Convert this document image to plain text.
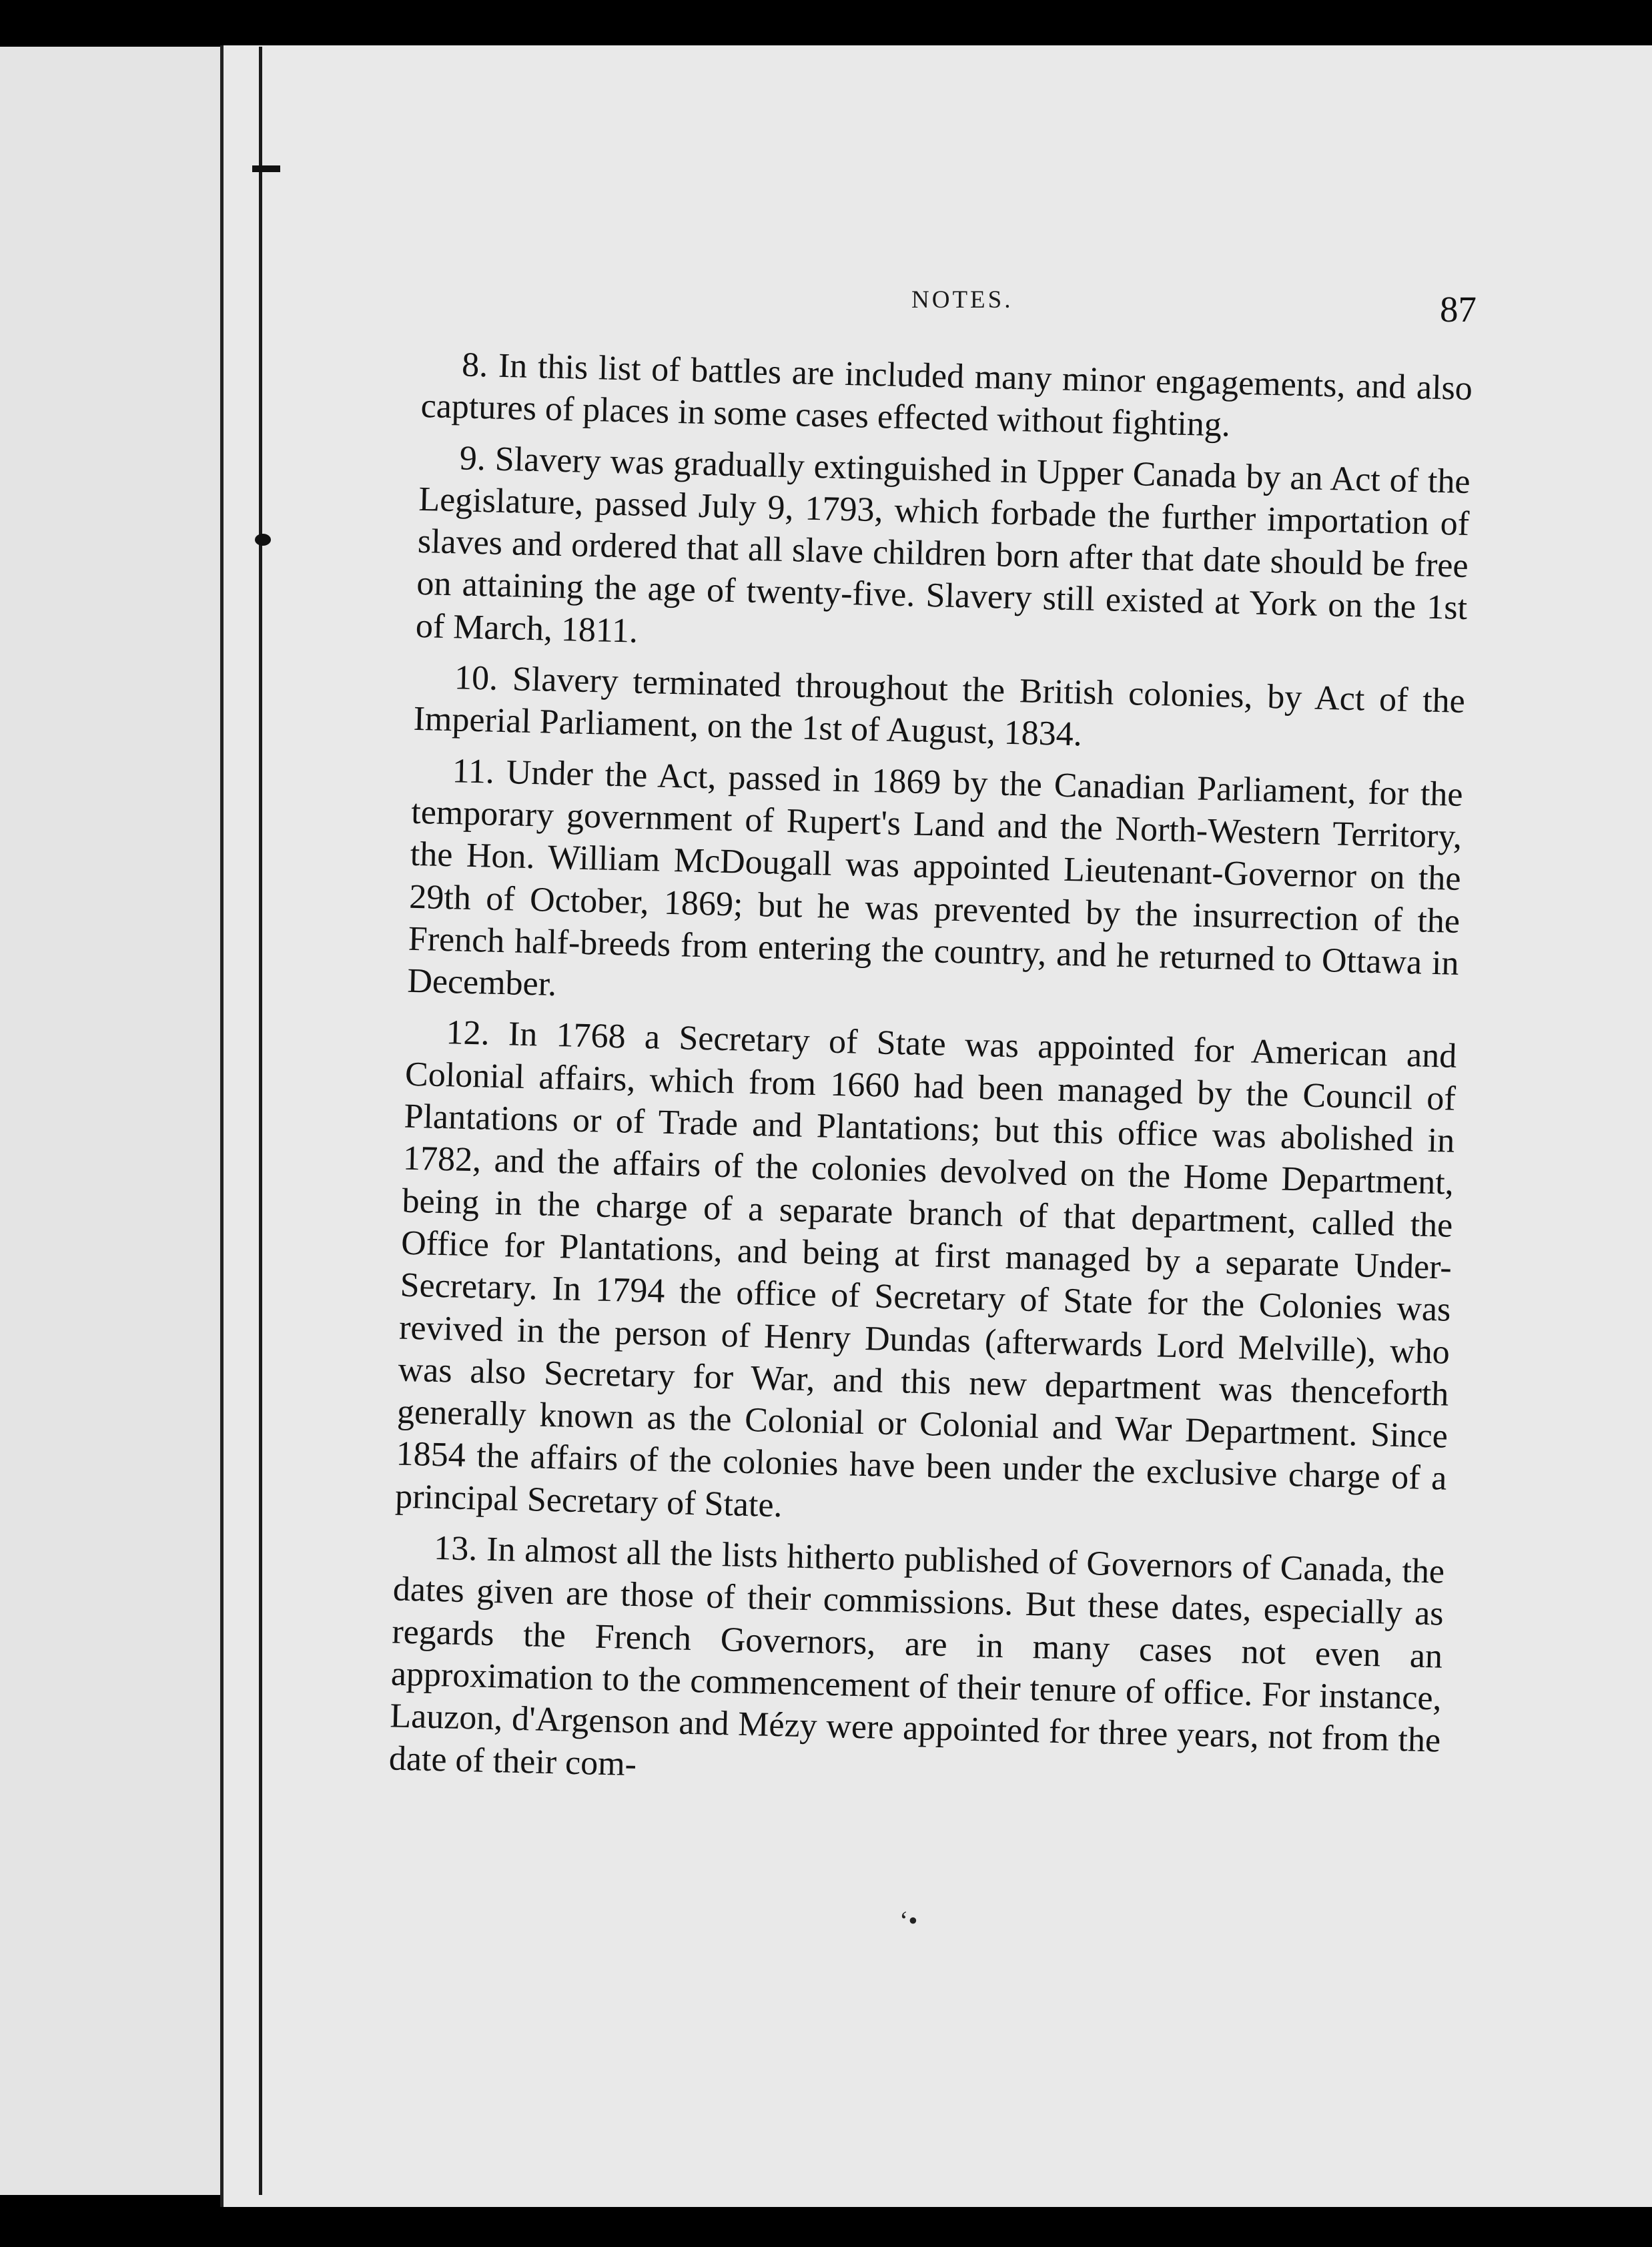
NOTES.	87

8. In this list of battles are included many minor engagements, and also captures of places in some cases effected without fighting.

9. Slavery was gradually extinguished in Upper Canada by an Act of the Legislature, passed July 9, 1793, which forbade the further importation of slaves and ordered that all slave children born after that date should be free on attaining the age of twenty-five. Slavery still existed at York on the 1st of March, 1811.

10. Slavery terminated throughout the British colonies, by Act of the Imperial Parliament, on the 1st of August, 1834.

11. Under the Act, passed in 1869 by the Canadian Parliament, for the temporary government of Rupert's Land and the North-Western Territory, the Hon. William McDougall was appointed Lieutenant-Governor on the 29th of October, 1869; but he was prevented by the insurrection of the French half-breeds from entering the country, and he returned to Ottawa in December.

12. In 1768 a Secretary of State was appointed for American and Colonial affairs, which from 1660 had been managed by the Council of Plantations or of Trade and Plantations; but this office was abolished in 1782, and the affairs of the colonies devolved on the Home Department, being in the charge of a separate branch of that department, called the Office for Plantations, and being at first managed by a separate Under-Secretary. In 1794 the office of Secretary of State for the Colonies was revived in the person of Henry Dundas (afterwards Lord Melville), who was also Secretary for War, and this new department was thenceforth generally known as the Colonial or Colonial and War Department. Since 1854 the affairs of the colonies have been under the exclusive charge of a principal Secretary of State.

13. In almost all the lists hitherto published of Governors of Canada, the dates given are those of their commissions. But these dates, especially as regards the French Governors, are in many cases not even an approximation to the commencement of their tenure of office. For instance, Lauzon, d'Argenson and Mézy were appointed for three years, not from the date of their com-

‘•
